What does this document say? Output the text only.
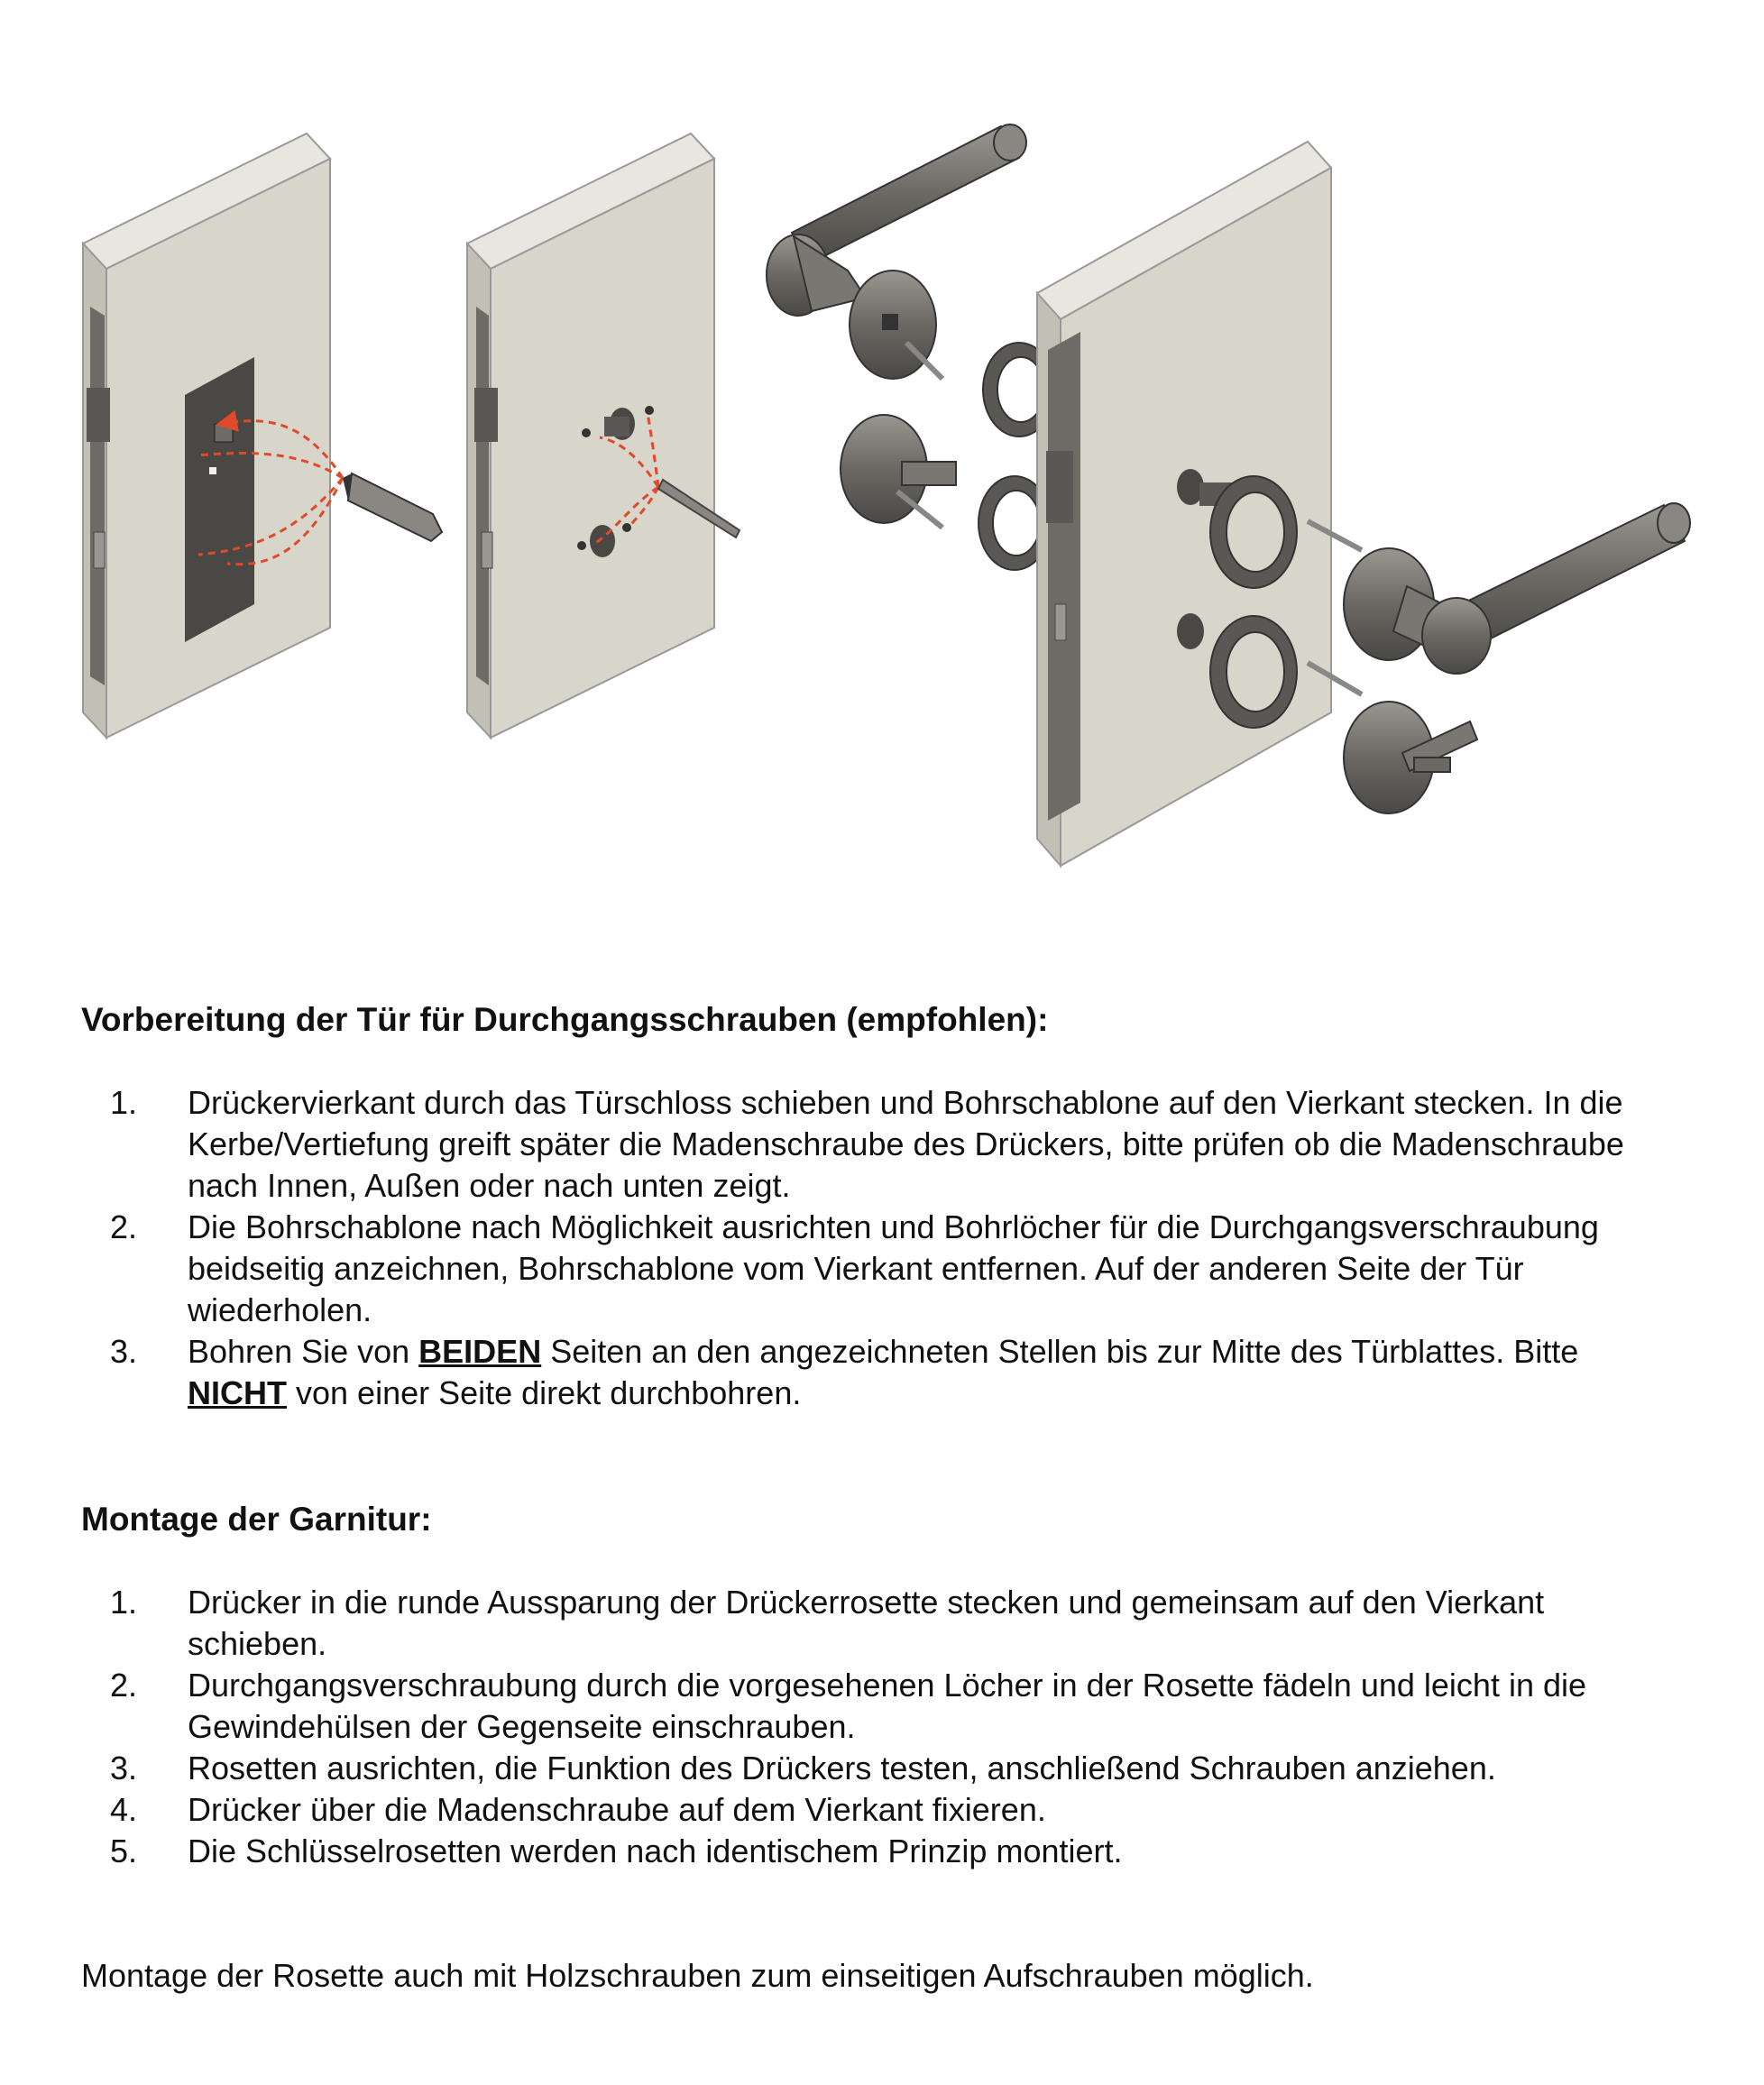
Vorbereitung der Tür für Durchgangsschrauben (empfohlen):
1. Drückervierkant durch das Türschloss schieben und Bohrschablone auf den Vierkant stecken. In die Kerbe/Vertiefung greift später die Madenschraube des Drückers, bitte prüfen ob die Madenschraube nach Innen, Außen oder nach unten zeigt.
2. Die Bohrschablone nach Möglichkeit ausrichten und Bohrlöcher für die Durchgangsverschraubung beidseitig anzeichnen, Bohrschablone vom Vierkant entfernen. Auf der anderen Seite der Tür wiederholen.
3. Bohren Sie von BEIDEN Seiten an den angezeichneten Stellen bis zur Mitte des Türblattes. Bitte NICHT von einer Seite direkt durchbohren.
Montage der Garnitur:
1. Drücker in die runde Aussparung der Drückerrosette stecken und gemeinsam auf den Vierkant schieben.
2. Durchgangsverschraubung durch die vorgesehenen Löcher in der Rosette fädeln und leicht in die Gewindehülsen der Gegenseite einschrauben.
3. Rosetten ausrichten, die Funktion des Drückers testen, anschließend Schrauben anziehen.
4. Drücker über die Madenschraube auf dem Vierkant fixieren.
5. Die Schlüsselrosetten werden nach identischem Prinzip montiert.

Montage der Rosette auch mit Holzschrauben zum einseitigen Aufschrauben möglich.
